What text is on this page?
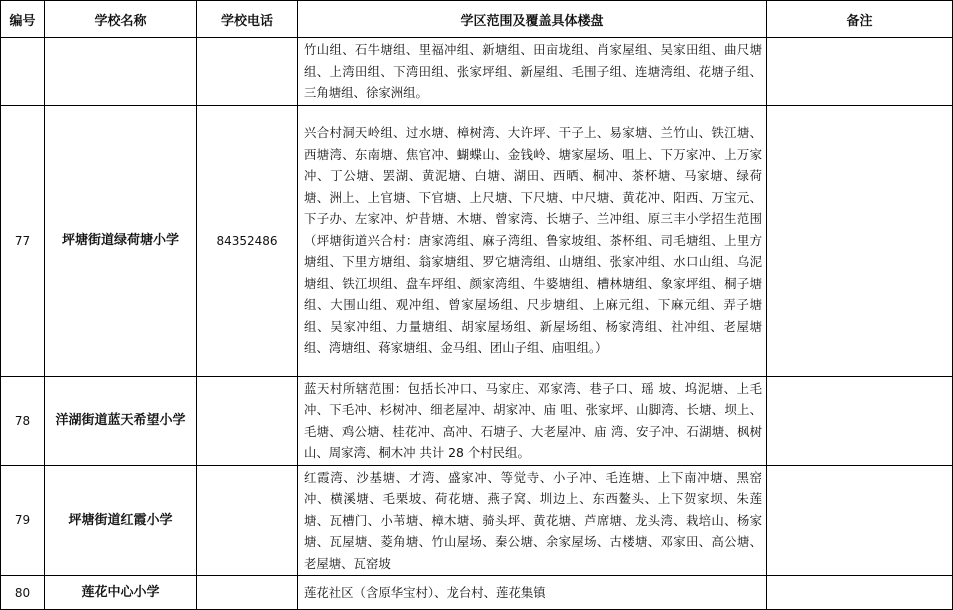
编号	学校名称	学校电话	学区范围及覆盖具体楼盘	备注
			竹山组、石牛塘组、里福冲组、新塘组、田亩垅组、肖家屋组、吴家田组、曲尺塘组、上湾田组、下湾田组、张家坪组、新屋组、毛围子组、连塘湾组、花塘子组、三角塘组、徐家洲组。	
77	坪塘街道绿荷塘小学	84352486	兴合村洞天岭组、过水塘、樟树湾、大许坪、干子上、易家塘、兰竹山、铁江塘、西塘湾、东南塘、焦官冲、蝴蝶山、金钱岭、塘家屋场、咀上、下万家冲、上万家冲、丁公塘、罢湖、黄泥塘、白塘、湖田、西晒、桐冲、茶杯塘、马家塘、绿荷塘、洲上、上官塘、下官塘、上尺塘、下尺塘、中尺塘、黄花冲、阳西、万宝元、下子办、左家冲、炉昔塘、木塘、曾家湾、长塘子、兰冲组、原三丰小学招生范围（坪塘街道兴合村：唐家湾组、麻子湾组、鲁家坡组、茶杯组、司毛塘组、上里方塘组、下里方塘组、翁家塘组、罗它塘湾组、山塘组、张家冲组、水口山组、乌泥塘组、铁江坝组、盘车坪组、颜家湾组、牛婆塘组、槽林塘组、象家坪组、桐子塘组、大围山组、观冲组、曾家屋场组、尺步塘组、上麻元组、下麻元组、弄子塘组、吴家冲组、力量塘组、胡家屋场组、新屋场组、杨家湾组、社冲组、老屋塘组、湾塘组、蒋家塘组、金马组、团山子组、庙咀组。）	
78	洋湖街道蓝天希望小学		蓝天村所辖范围：包括长冲口、马家庄、邓家湾、巷子口、瑶 坡、坞泥塘、上毛冲、下毛冲、杉树冲、细老屋冲、胡家冲、庙 咀、张家坪、山脚湾、长塘、坝上、毛塘、鸡公塘、桂花冲、高冲、石塘子、大老屋冲、庙 湾、安子冲、石湖塘、枫树山、周家湾、桐木冲 共计 28 个村民组。	
79	坪塘街道红霞小学		红霞湾、沙基塘、才湾、盛家冲、等觉寺、小子冲、毛连塘、上下南冲塘、黑窑冲、横溪塘、毛栗坡、荷花塘、燕子窝、圳边上、东西鳌头、上下贺家坝、朱莲塘、瓦槽门、小苇塘、樟木塘、骑头坪、黄花塘、芦席塘、龙头湾、栽培山、杨家塘、瓦屋塘、菱角塘、竹山屋场、秦公塘、余家屋场、古楼塘、邓家田、高公塘、老屋塘、瓦窑坡	
80	莲花中心小学		莲花社区（含原华宝村）、龙台村、莲花集镇	
